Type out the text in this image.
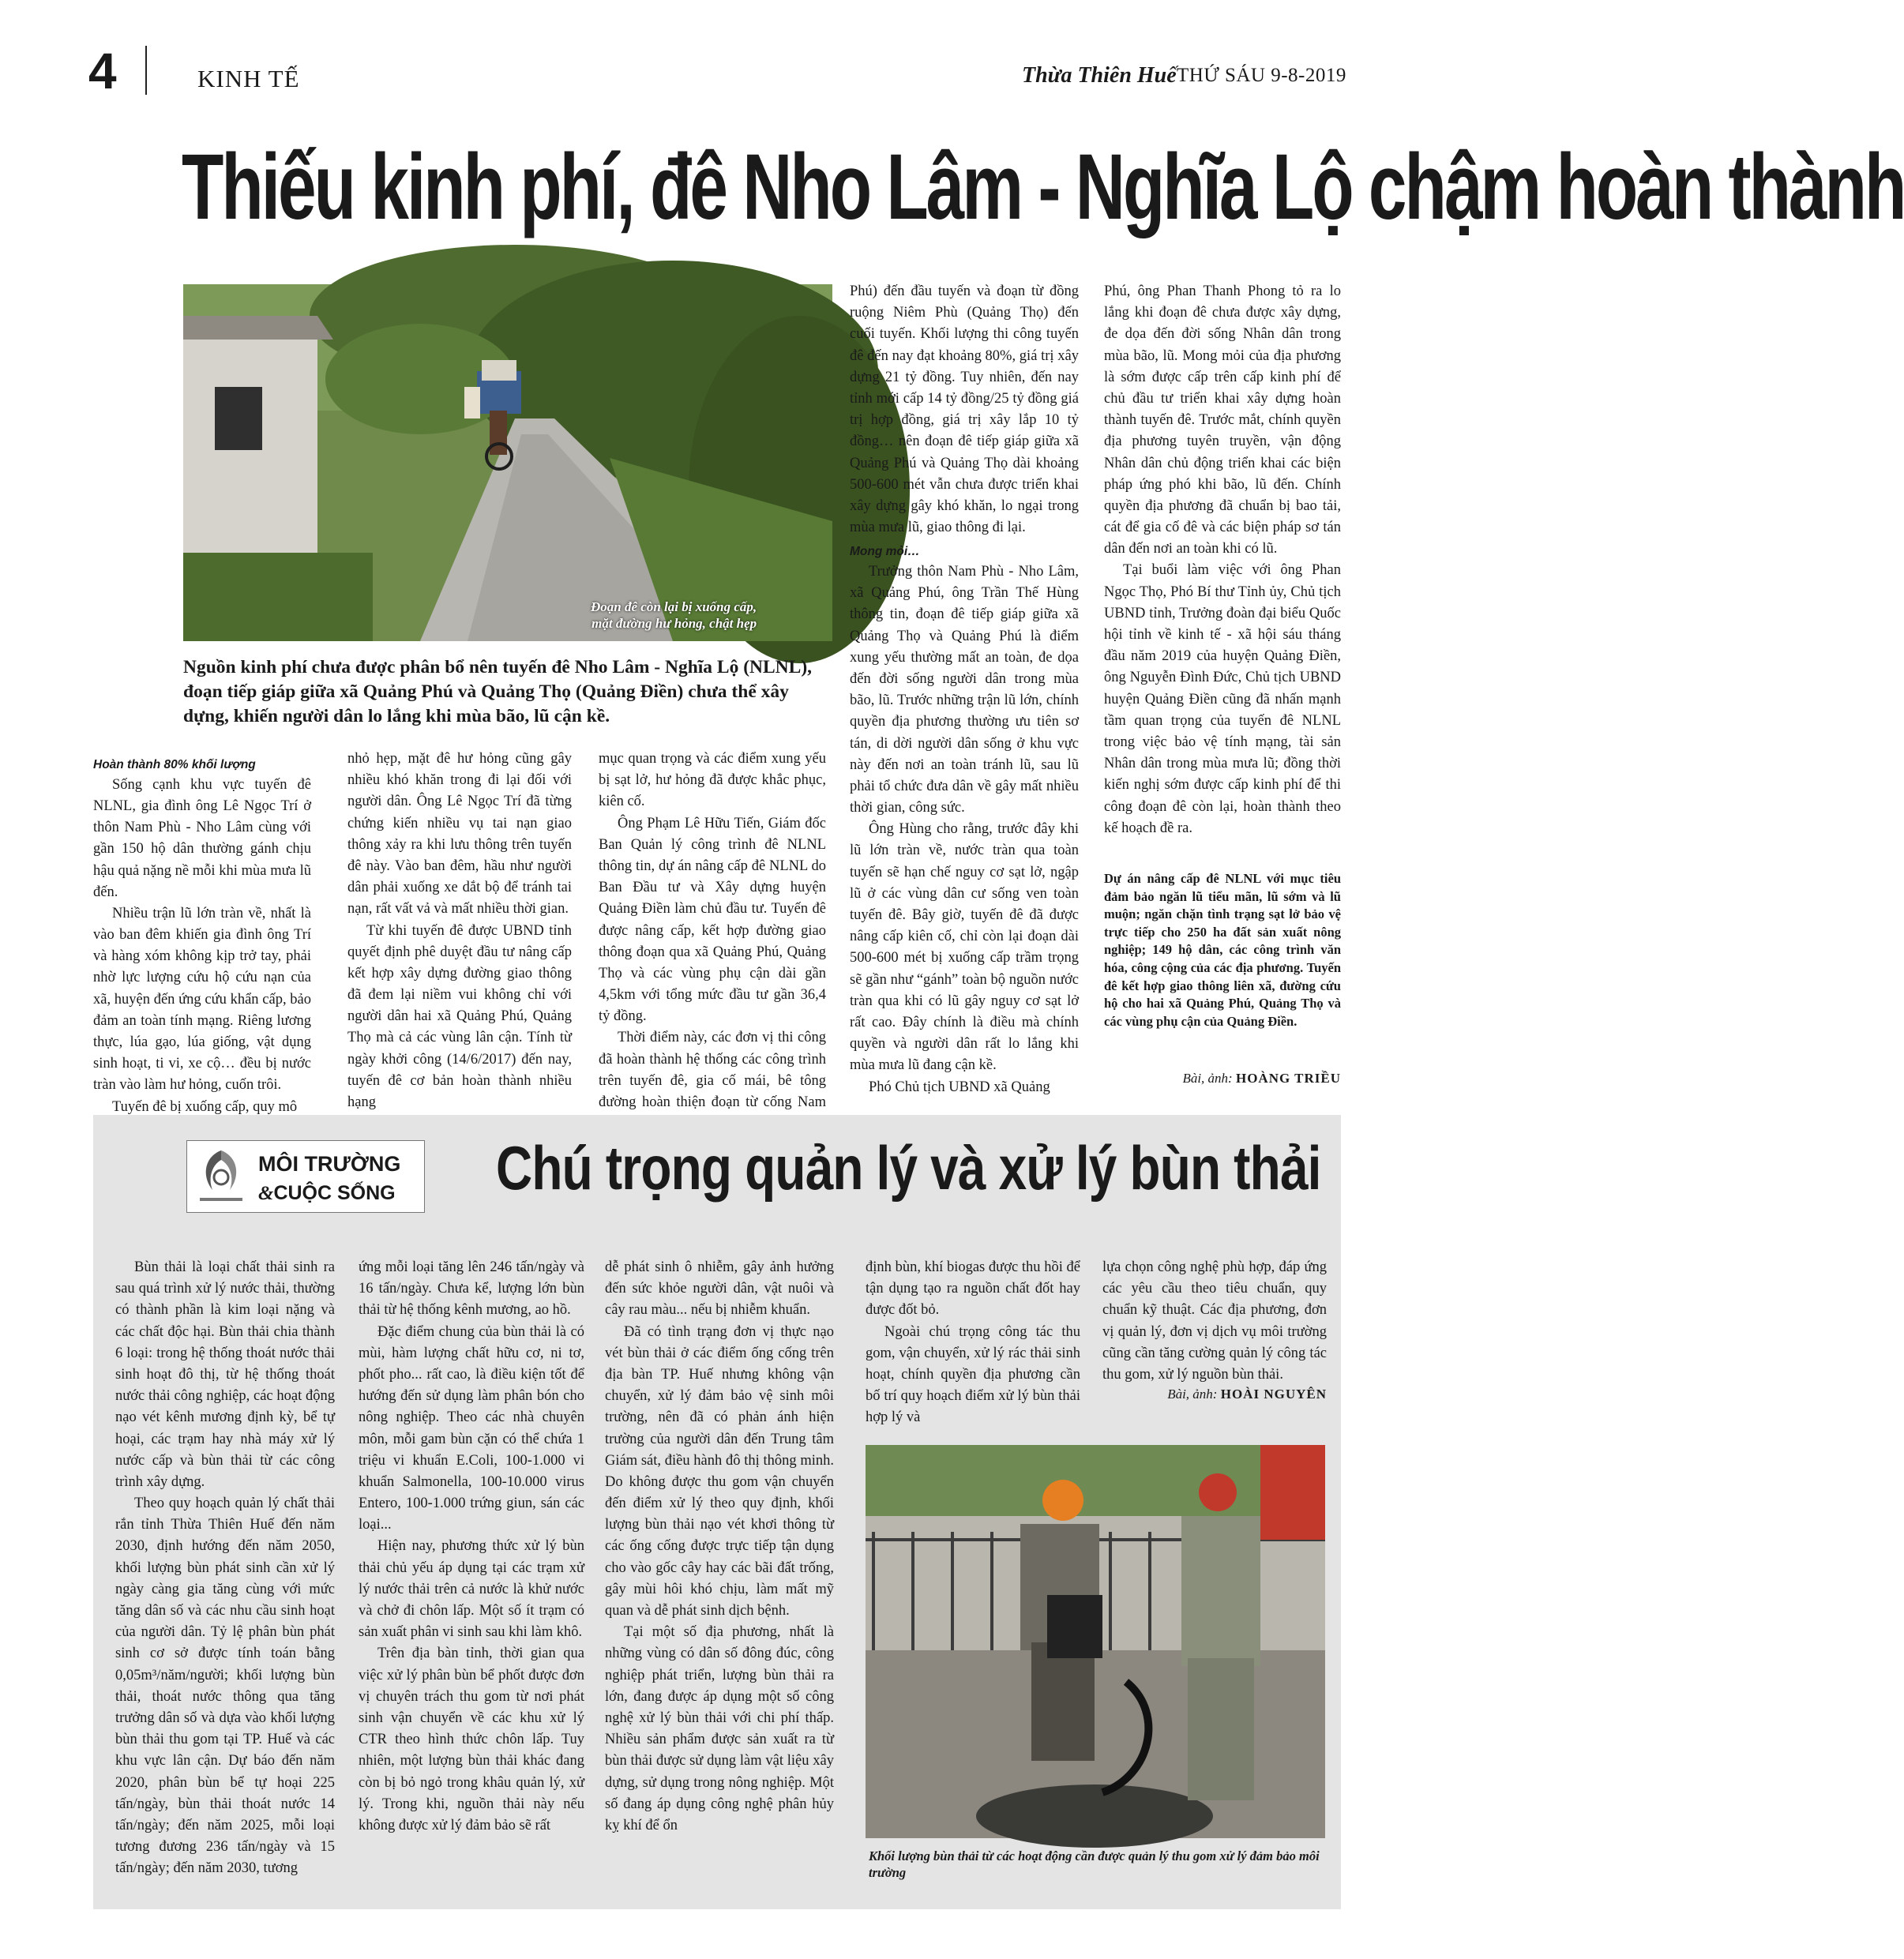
4	KINH TẾ	Thừa Thiên Huế THỨ SÁU 9-8-2019
Thiếu kinh phí, đê Nho Lâm - Nghĩa Lộ chậm hoàn thành
Đoạn đê còn lại bị xuống cấp,
mặt đường hư hỏng, chật hẹp
Nguồn kinh phí chưa được phân bổ nên tuyến đê Nho Lâm - Nghĩa Lộ (NLNL), đoạn tiếp giáp giữa xã Quảng Phú và Quảng Thọ (Quảng Điền) chưa thể xây dựng, khiến người dân lo lắng khi mùa bão, lũ cận kề.
Hoàn thành 80% khối lượng

Sống cạnh khu vực tuyến đê NLNL, gia đình ông Lê Ngọc Trí ở thôn Nam Phù - Nho Lâm cùng với gần 150 hộ dân thường gánh chịu hậu quả nặng nề mỗi khi mùa mưa lũ đến.

Nhiều trận lũ lớn tràn về, nhất là vào ban đêm khiến gia đình ông Trí và hàng xóm không kịp trở tay, phải nhờ lực lượng cứu hộ cứu nạn của xã, huyện đến ứng cứu khẩn cấp, bảo đảm an toàn tính mạng. Riêng lương thực, lúa gạo, lúa giống, vật dụng sinh hoạt, ti vi, xe cộ… đều bị nước tràn vào làm hư hỏng, cuốn trôi.

Tuyến đê bị xuống cấp, quy mô

nhỏ hẹp, mặt đê hư hỏng cũng gây nhiều khó khăn trong đi lại đối với người dân. Ông Lê Ngọc Trí đã từng chứng kiến nhiều vụ tai nạn giao thông xảy ra khi lưu thông trên tuyến đê này. Vào ban đêm, hầu như người dân phải xuống xe dắt bộ để tránh tai nạn, rất vất vả và mất nhiều thời gian.

Từ khi tuyến đê được UBND tỉnh quyết định phê duyệt đầu tư nâng cấp kết hợp xây dựng đường giao thông đã đem lại niềm vui không chỉ với người dân hai xã Quảng Phú, Quảng Thọ mà cả các vùng lân cận. Tính từ ngày khởi công (14/6/2017) đến nay, tuyến đê cơ bản hoàn thành nhiều hạng

mục quan trọng và các điểm xung yếu bị sạt lở, hư hỏng đã được khắc phục, kiên cố.

Ông Phạm Lê Hữu Tiến, Giám đốc Ban Quản lý công trình đê NLNL thông tin, dự án nâng cấp đê NLNL do Ban Đầu tư và Xây dựng huyện Quảng Điền làm chủ đầu tư. Tuyến đê được nâng cấp, kết hợp đường giao thông đoạn qua xã Quảng Phú, Quảng Thọ và các vùng phụ cận dài gần 4,5km với tổng mức đầu tư gần 36,4 tỷ đồng.

Thời điểm này, các đơn vị thi công đã hoàn thành hệ thống các công trình trên tuyến đê, gia cố mái, bê tông đường hoàn thiện đoạn từ cống Nam

Phú) đến đầu tuyến và đoạn từ đồng ruộng Niêm Phù (Quảng Thọ) đến cuối tuyến. Khối lượng thi công tuyến đê đến nay đạt khoảng 80%, giá trị xây dựng 21 tỷ đồng. Tuy nhiên, đến nay tỉnh mới cấp 14 tỷ đồng/25 tỷ đồng giá trị hợp đồng, giá trị xây lắp 10 tỷ đồng… nên đoạn đê tiếp giáp giữa xã Quảng Phú và Quảng Thọ dài khoảng 500-600 mét vẫn chưa được triển khai xây dựng gây khó khăn, lo ngại trong mùa mưa lũ, giao thông đi lại.

Mong mỏi…

Trưởng thôn Nam Phù - Nho Lâm, xã Quảng Phú, ông Trần Thế Hùng thông tin, đoạn đê tiếp giáp giữa xã Quảng Thọ và Quảng Phú là điểm xung yếu thường mất an toàn, đe dọa đến đời sống người dân trong mùa bão, lũ. Trước những trận lũ lớn, chính quyền địa phương thường ưu tiên sơ tán, di dời người dân sống ở khu vực này đến nơi an toàn tránh lũ, sau lũ phải tổ chức đưa dân về gây mất nhiều thời gian, công sức.

Ông Hùng cho rằng, trước đây khi lũ lớn tràn về, nước tràn qua toàn tuyến sẽ hạn chế nguy cơ sạt lở, ngập lũ ở các vùng dân cư sống ven toàn tuyến đê. Bây giờ, tuyến đê đã được nâng cấp kiên cố, chỉ còn lại đoạn dài 500-600 mét bị xuống cấp trầm trọng sẽ gần như “gánh” toàn bộ nguồn nước tràn qua khi có lũ gây nguy cơ sạt lở rất cao. Đây chính là điều mà chính quyền và người dân rất lo lắng khi mùa mưa lũ đang cận kề.

Phó Chủ tịch UBND xã Quảng

Phú, ông Phan Thanh Phong tỏ ra lo lắng khi đoạn đê chưa được xây dựng, đe dọa đến đời sống Nhân dân trong mùa bão, lũ. Mong mỏi của địa phương là sớm được cấp trên cấp kinh phí để chủ đầu tư triển khai xây dựng hoàn thành tuyến đê. Trước mắt, chính quyền địa phương tuyên truyền, vận động Nhân dân chủ động triển khai các biện pháp ứng phó khi bão, lũ đến. Chính quyền địa phương đã chuẩn bị bao tải, cát để gia cố đê và các biện pháp sơ tán dân đến nơi an toàn khi có lũ.

Tại buổi làm việc với ông Phan Ngọc Thọ, Phó Bí thư Tỉnh ủy, Chủ tịch UBND tỉnh, Trưởng đoàn đại biểu Quốc hội tỉnh về kinh tế - xã hội sáu tháng đầu năm 2019 của huyện Quảng Điền, ông Nguyễn Đình Đức, Chủ tịch UBND huyện Quảng Điền cũng đã nhấn mạnh tầm quan trọng của tuyến đê NLNL trong việc bảo vệ tính mạng, tài sản Nhân dân trong mùa mưa lũ; đồng thời kiến nghị sớm được cấp kinh phí để thi công đoạn đê còn lại, hoàn thành theo kế hoạch đề ra.

Dự án nâng cấp đê NLNL với mục tiêu đảm bảo ngăn lũ tiểu mãn, lũ sớm và lũ muộn; ngăn chặn tình trạng sạt lở bảo vệ trực tiếp cho 250 ha đất sản xuất nông nghiệp; 149 hộ dân, các công trình văn hóa, công cộng của các địa phương. Tuyến đê kết hợp giao thông liên xã, đường cứu hộ cho hai xã Quảng Phú, Quảng Thọ và các vùng phụ cận của Quảng Điền.
Bài, ảnh: HOÀNG TRIỀU
MÔI TRƯỜNG
&CUỘC SỐNG Chú trọng quản lý và xử lý bùn thải

Bùn thải là loại chất thải sinh ra sau quá trình xử lý nước thải, thường có thành phần là kim loại nặng và các chất độc hại. Bùn thải chia thành 6 loại: trong hệ thống thoát nước thải sinh hoạt đô thị, từ hệ thống thoát nước thải công nghiệp, các hoạt động nạo vét kênh mương định kỳ, bể tự hoại, các trạm hay nhà máy xử lý nước cấp và bùn thải từ các công trình xây dựng.

Theo quy hoạch quản lý chất thải rắn tỉnh Thừa Thiên Huế đến năm 2030, định hướng đến năm 2050, khối lượng bùn phát sinh cần xử lý ngày càng gia tăng cùng với mức tăng dân số và các nhu cầu sinh hoạt của người dân. Tỷ lệ phân bùn phát sinh cơ sở được tính toán bằng 0,05m³/năm/người; khối lượng bùn thải, thoát nước thông qua tăng trưởng dân số và dựa vào khối lượng bùn thải thu gom tại TP. Huế và các khu vực lân cận. Dự báo đến năm 2020, phân bùn bể tự hoại 225 tấn/ngày, bùn thải thoát nước 14 tấn/ngày; đến năm 2025, mỗi loại tương đương 236 tấn/ngày và 15 tấn/ngày; đến năm 2030, tương

ứng mỗi loại tăng lên 246 tấn/ngày và 16 tấn/ngày. Chưa kể, lượng lớn bùn thải từ hệ thống kênh mương, ao hồ.

Đặc điểm chung của bùn thải là có mùi, hàm lượng chất hữu cơ, ni tơ, phốt pho... rất cao, là điều kiện tốt để hướng đến sử dụng làm phân bón cho nông nghiệp. Theo các nhà chuyên môn, mỗi gam bùn cặn có thể chứa 1 triệu vi khuẩn E.Coli, 100-1.000 vi khuẩn Salmonella, 100-10.000 virus Entero, 100-1.000 trứng giun, sán các loại...

Hiện nay, phương thức xử lý bùn thải chủ yếu áp dụng tại các trạm xử lý nước thải trên cả nước là khử nước và chở đi chôn lấp. Một số ít trạm có sản xuất phân vi sinh sau khi làm khô.

Trên địa bàn tỉnh, thời gian qua việc xử lý phân bùn bể phốt được đơn vị chuyên trách thu gom từ nơi phát sinh vận chuyển về các khu xử lý CTR theo hình thức chôn lấp. Tuy nhiên, một lượng bùn thải khác đang còn bị bỏ ngỏ trong khâu quản lý, xử lý. Trong khi, nguồn thải này nếu không được xử lý đảm bảo sẽ rất

dễ phát sinh ô nhiễm, gây ảnh hưởng đến sức khỏe người dân, vật nuôi và cây rau màu... nếu bị nhiễm khuẩn.

Đã có tình trạng đơn vị thực nạo vét bùn thải ở các điểm ống cống trên địa bàn TP. Huế nhưng không vận chuyển, xử lý đảm bảo vệ sinh môi trường, nên đã có phản ánh hiện trường của người dân đến Trung tâm Giám sát, điều hành đô thị thông minh. Do không được thu gom vận chuyển đến điểm xử lý theo quy định, khối lượng bùn thải nạo vét khơi thông từ các ống cống được trực tiếp tận dụng cho vào gốc cây hay các bãi đất trống, gây mùi hôi khó chịu, làm mất mỹ quan và dễ phát sinh dịch bệnh.

Tại một số địa phương, nhất là những vùng có dân số đông đúc, công nghiệp phát triển, lượng bùn thải ra lớn, đang được áp dụng một số công nghệ xử lý bùn thải với chi phí thấp. Nhiều sản phẩm được sản xuất ra từ bùn thải được sử dụng làm vật liệu xây dựng, sử dụng trong nông nghiệp. Một số đang áp dụng công nghệ phân hủy kỵ khí để ổn

định bùn, khí biogas được thu hồi để tận dụng tạo ra nguồn chất đốt hay được đốt bỏ.

Ngoài chú trọng công tác thu gom, vận chuyển, xử lý rác thải sinh hoạt, chính quyền địa phương cần bố trí quy hoạch điểm xử lý bùn thải hợp lý và

lựa chọn công nghệ phù hợp, đáp ứng các yêu cầu theo tiêu chuẩn, quy chuẩn kỹ thuật. Các địa phương, đơn vị quản lý, đơn vị dịch vụ môi trường cũng cần tăng cường quản lý công tác thu gom, xử lý nguồn bùn thải.

Bài, ảnh: HOÀI NGUYÊN
Khối lượng bùn thải từ các hoạt động cần được quản lý thu gom xử lý đảm bảo môi trường
